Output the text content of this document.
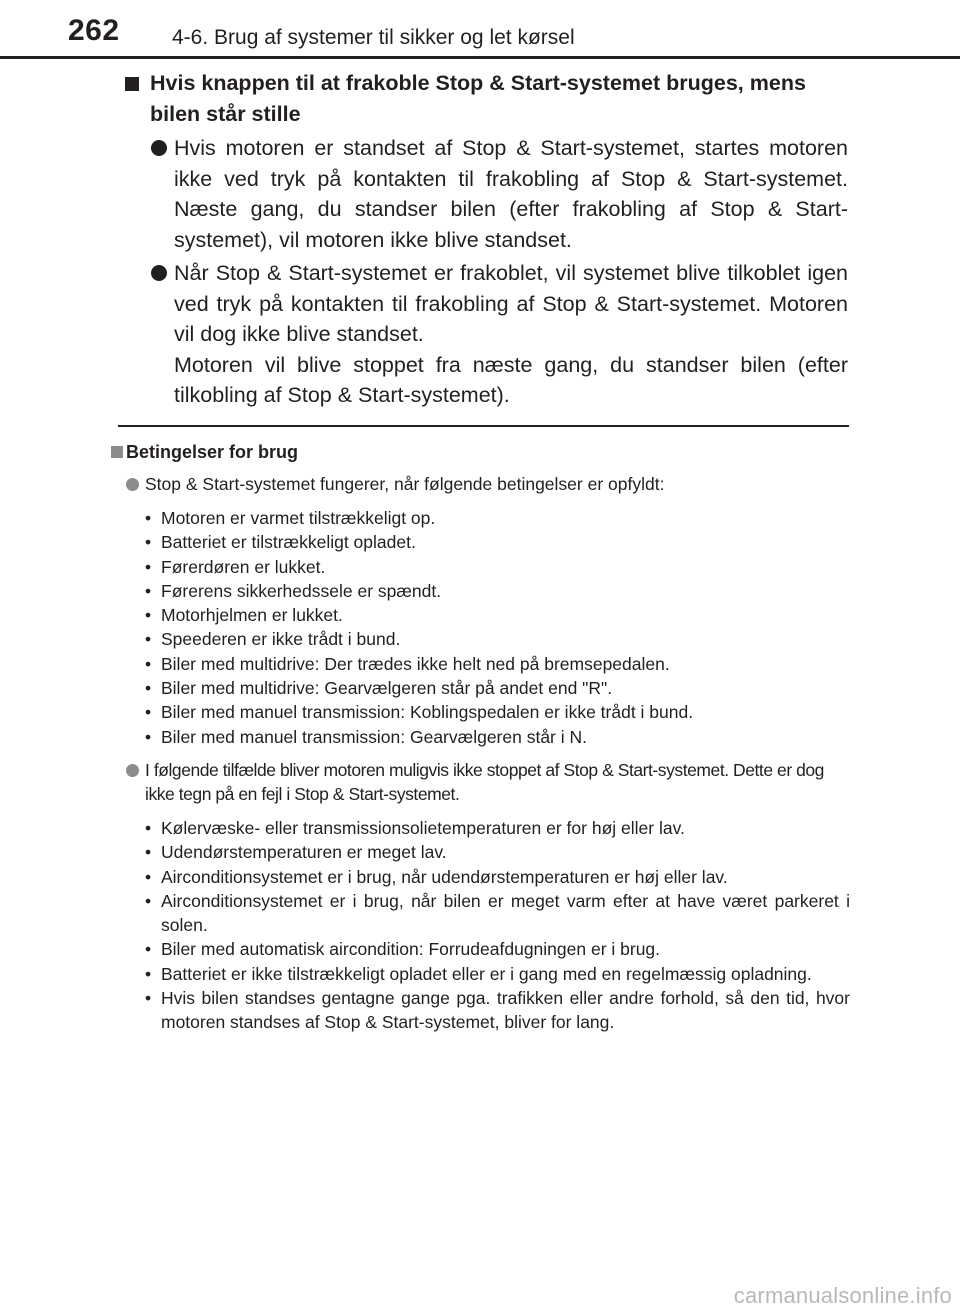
262 4-6. Brug af systemer til sikker og let kørsel
Hvis knappen til at frakoble Stop & Start-systemet bruges, mens bilen står stille

Hvis motoren er standset af Stop & Start-systemet, startes motoren ikke ved tryk på kontakten til frakobling af Stop & Start-systemet. Næste gang, du standser bilen (efter frakobling af Stop & Start-systemet), vil motoren ikke blive standset.

Når Stop & Start-systemet er frakoblet, vil systemet blive tilkoblet igen ved tryk på kontakten til frakobling af Stop & Start-systemet. Motoren vil dog ikke blive standset.

Motoren vil blive stoppet fra næste gang, du standser bilen (efter tilkobling af Stop & Start-systemet).

Betingelser for brug
Stop & Start-systemet fungerer, når følgende betingelser er opfyldt:
• Motoren er varmet tilstrækkeligt op.
• Batteriet er tilstrækkeligt opladet.
• Førerdøren er lukket.
• Førerens sikkerhedssele er spændt.
• Motorhjelmen er lukket.
• Speederen er ikke trådt i bund.
• Biler med multidrive: Der trædes ikke helt ned på bremsepedalen.
• Biler med multidrive: Gearvælgeren står på andet end "R".
• Biler med manuel transmission: Koblingspedalen er ikke trådt i bund.
• Biler med manuel transmission: Gearvælgeren står i N.
I følgende tilfælde bliver motoren muligvis ikke stoppet af Stop & Start-systemet. Dette er dog ikke tegn på en fejl i Stop & Start-systemet.
• Kølervæske- eller transmissionsolietemperaturen er for høj eller lav.
• Udendørstemperaturen er meget lav.
• Airconditionsystemet er i brug, når udendørstemperaturen er høj eller lav.
• Airconditionsystemet er i brug, når bilen er meget varm efter at have været parkeret i solen.
• Biler med automatisk aircondition: Forrudeafdugningen er i brug.
• Batteriet er ikke tilstrækkeligt opladet eller er i gang med en regelmæssig opladning.
• Hvis bilen standses gentagne gange pga. trafikken eller andre forhold, så den tid, hvor motoren standses af Stop & Start-systemet, bliver for lang.
carmanualsonline.info
